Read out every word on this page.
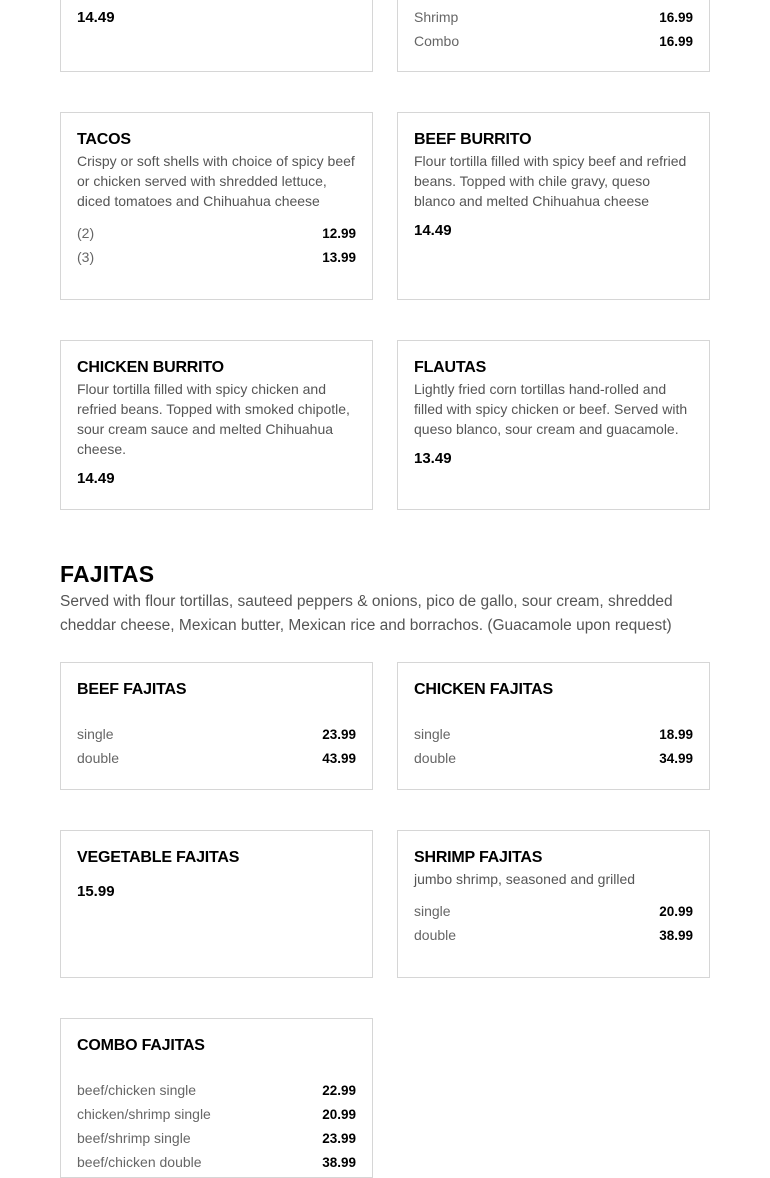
14.49	Shrimp	16.99
Combo	16.99
TACOS

Crispy or soft shells with choice of spicy beef or chicken served with shredded lettuce, diced tomatoes and Chihuahua cheese

(2)	12.99
(3)	13.99
BEEF BURRITO

Flour tortilla filled with spicy beef and refried beans. Topped with chile gravy, queso blanco and melted Chihuahua cheese

14.49
CHICKEN BURRITO

Flour tortilla filled with spicy chicken and refried beans. Topped with smoked chipotle, sour cream sauce and melted Chihuahua cheese.

14.49
FLAUTAS

Lightly fried corn tortillas hand-rolled and filled with spicy chicken or beef. Served with queso blanco, sour cream and guacamole.

13.49
FAJITAS

Served with flour tortillas, sauteed peppers & onions, pico de gallo, sour cream, shredded cheddar cheese, Mexican butter, Mexican rice and borrachos. (Guacamole upon request)

BEEF FAJITAS
single	23.99
double	43.99
CHICKEN FAJITAS
single	18.99
double	34.99
VEGETABLE FAJITAS
15.99
SHRIMP FAJITAS

jumbo shrimp, seasoned and grilled

single	20.99
double	38.99
COMBO FAJITAS
beef/chicken single	22.99
chicken/shrimp single	20.99
beef/shrimp single	23.99
beef/chicken double	38.99
